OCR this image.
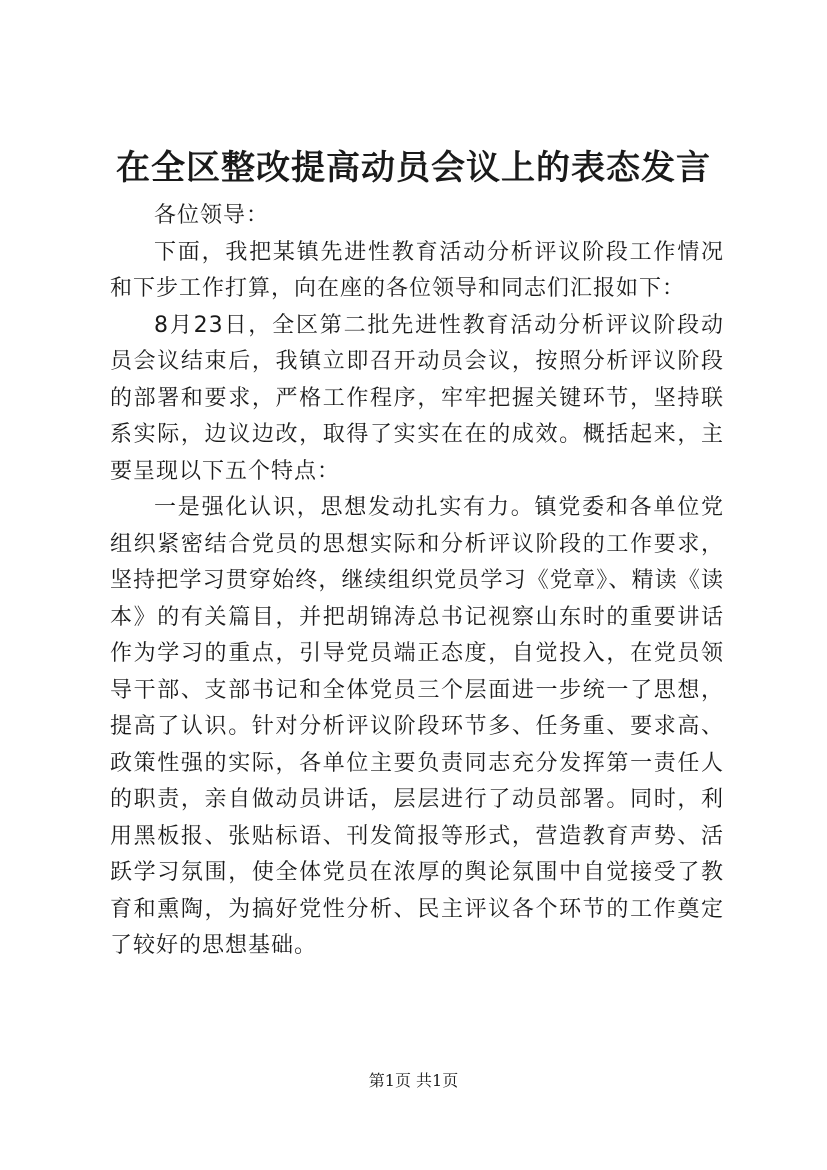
在全区整改提高动员会议上的表态发言

各位领导：

下面，我把某镇先进性教育活动分析评议阶段工作情况和下步工作打算，向在座的各位领导和同志们汇报如下：

8月23日，全区第二批先进性教育活动分析评议阶段动员会议结束后，我镇立即召开动员会议，按照分析评议阶段的部署和要求，严格工作程序，牢牢把握关键环节，坚持联系实际，边议边改，取得了实实在在的成效。概括起来，主要呈现以下五个特点：

一是强化认识，思想发动扎实有力。镇党委和各单位党组织紧密结合党员的思想实际和分析评议阶段的工作要求，坚持把学习贯穿始终，继续组织党员学习《党章》、精读《读本》的有关篇目，并把胡锦涛总书记视察山东时的重要讲话作为学习的重点，引导党员端正态度，自觉投入，在党员领导干部、支部书记和全体党员三个层面进一步统一了思想，提高了认识。针对分析评议阶段环节多、任务重、要求高、政策性强的实际，各单位主要负责同志充分发挥第一责任人的职责，亲自做动员讲话，层层进行了动员部署。同时，利用黑板报、张贴标语、刊发简报等形式，营造教育声势、活跃学习氛围，使全体党员在浓厚的舆论氛围中自觉接受了教育和熏陶，为搞好党性分析、民主评议各个环节的工作奠定了较好的思想基础。

第1页 共1页
